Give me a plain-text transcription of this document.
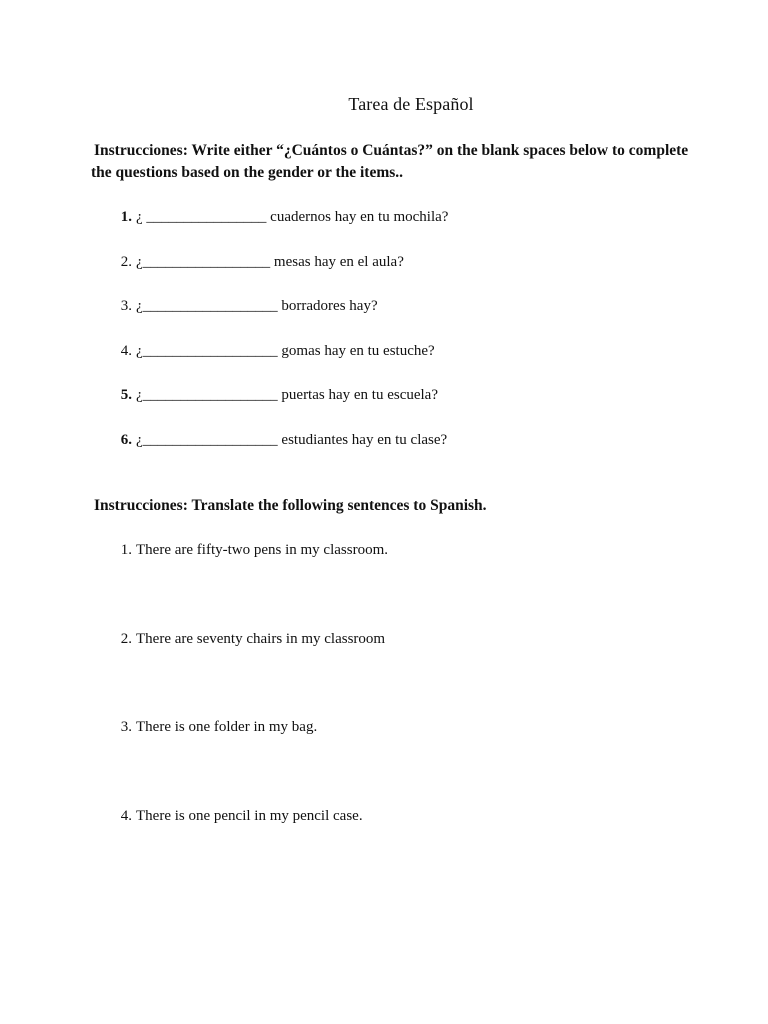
Tarea de Español

Instrucciones: Write either “¿Cuántos o Cuántas?” on the blank spaces below to complete
the questions based on the gender or the items..

1. ¿ ________________ cuadernos hay en tu mochila?
2. ¿_________________ mesas hay en el aula?
3. ¿__________________ borradores hay?
4. ¿__________________ gomas hay en tu estuche?
5. ¿__________________ puertas hay en tu escuela?
6. ¿__________________ estudiantes hay en tu clase?

Instrucciones: Translate the following sentences to Spanish.

1. There are fifty-two pens in my classroom.
2. There are seventy chairs in my classroom
3. There is one folder in my bag.
4. There is one pencil in my pencil case.
